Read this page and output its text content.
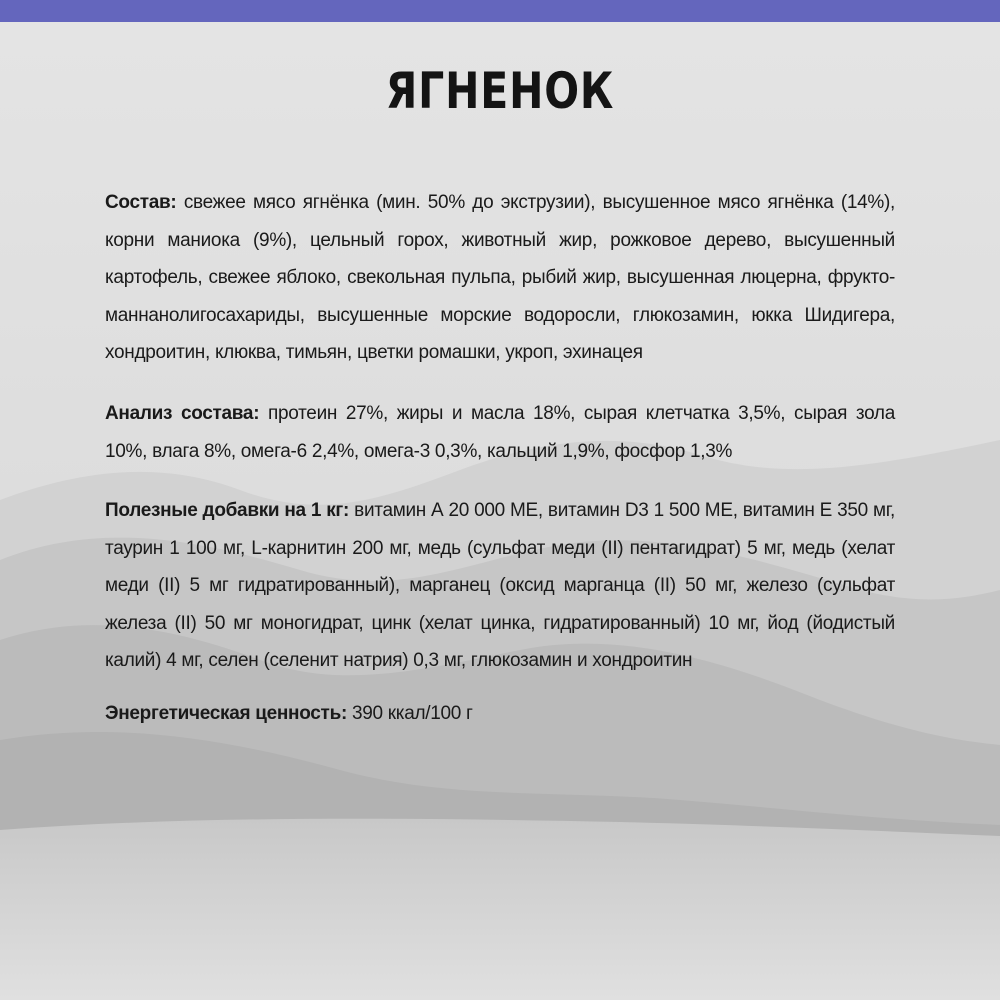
ЯГНЕНОК
Состав: свежее мясо ягнёнка (мин. 50% до экструзии), высушенное мясо ягнёнка (14%), корни маниока (9%), цельный горох, животный жир, рожковое дерево, высушенный картофель, свежее яблоко, свекольная пульпа, рыбий жир, высушенная люцерна, фрукто-маннанолигосахариды, высушенные морские водоросли, глюкозамин, юкка Шидигера, хондроитин, клюква, тимьян, цветки ромашки, укроп, эхинацея
Анализ состава: протеин 27%, жиры и масла 18%, сырая клетчатка 3,5%, сырая зола 10%, влага 8%, омега-6 2,4%, омега-3 0,3%, кальций 1,9%, фосфор 1,3%
Полезные добавки на 1 кг: витамин А 20 000 МЕ, витамин D3 1 500 МЕ, витамин Е 350 мг, таурин 1 100 мг, L-карнитин 200 мг, медь (сульфат меди (II) пентагидрат) 5 мг, медь (хелат меди (II) 5 мг гидратированный), марганец (оксид марганца (II) 50 мг, железо (сульфат железа (II) 50 мг моногидрат, цинк (хелат цинка, гидратированный) 10 мг, йод (йодистый калий) 4 мг, селен (селенит натрия) 0,3 мг, глюкозамин и хондроитин
Энергетическая ценность: 390 ккал/100 г
